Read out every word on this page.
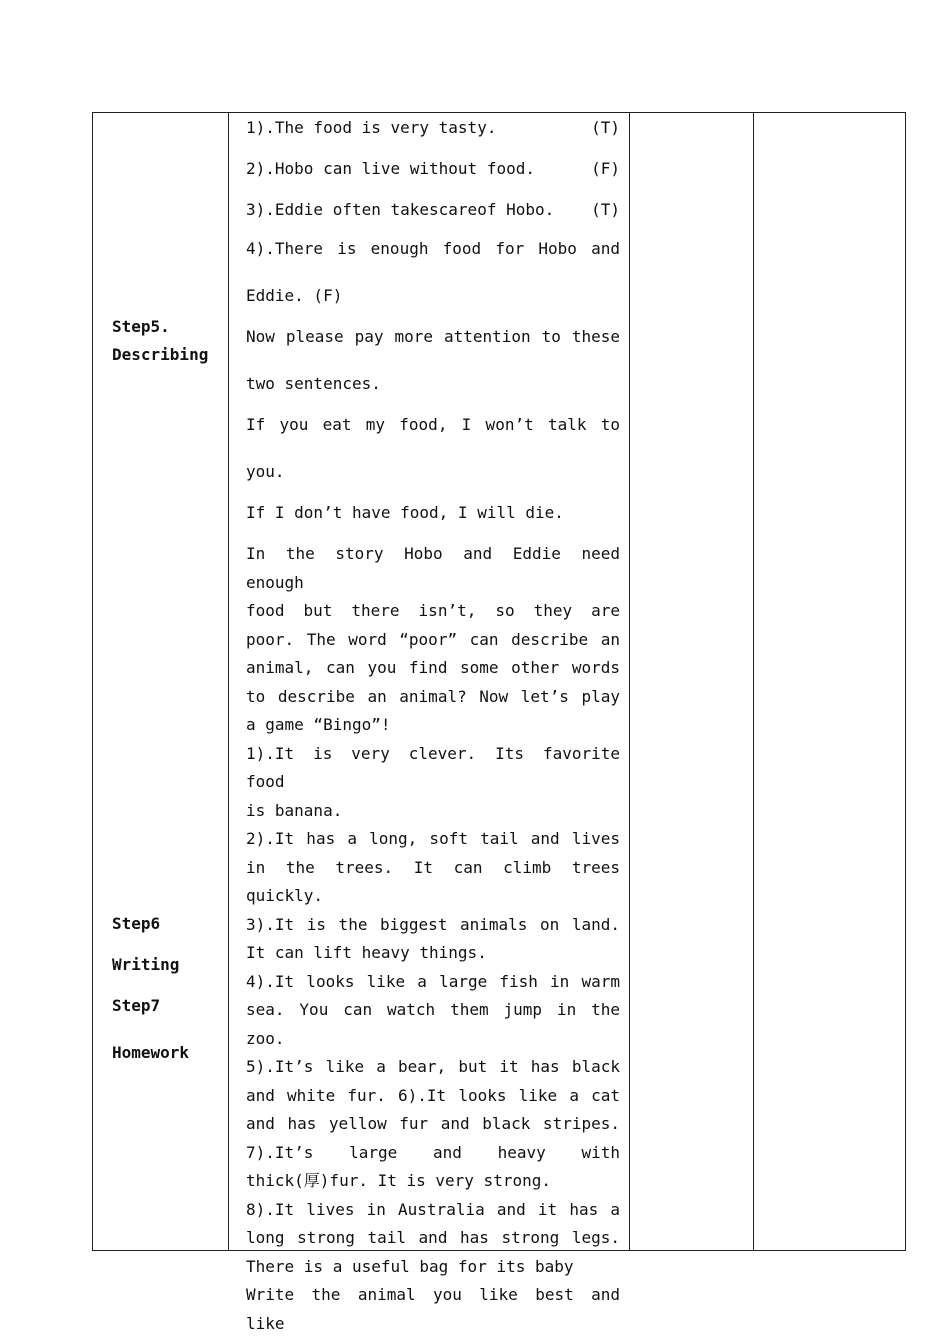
Step5.
Describing
Step6
Writing
Step7
Homework
1).The food is very tasty.	(T)
2).Hobo can live without food.	(F)
3).Eddie often takescareof Hobo. (T)
4).There is enough food for Hobo and
Eddie. (F)
Now please pay more attention to these
two sentences.
If you eat my food, I won’t talk to
you.
If I don’t have food, I will die.
In the story Hobo and Eddie need enough
food but there isn’t, so they are
poor. The word “poor” can describe an
animal, can you find some other words
to describe an animal? Now let’s play
a game “Bingo”!
1).It is very clever. Its favorite food
is banana.
2).It has a long, soft tail and lives
in the trees. It can climb trees
quickly.
3).It is the biggest animals on land.
It can lift heavy things.
4).It looks like a large fish in warm
sea. You can watch them jump in the
zoo.
5).It’s like a bear, but it has black
and white fur. 6).It looks like a cat
and has yellow fur and black stripes.
7).It’s large and heavy with
thick(厚)fur. It is very strong.
8).It lives in Australia and it has a
long strong tail and has strong legs.
There is a useful bag for its baby
Write the animal you like best and like
